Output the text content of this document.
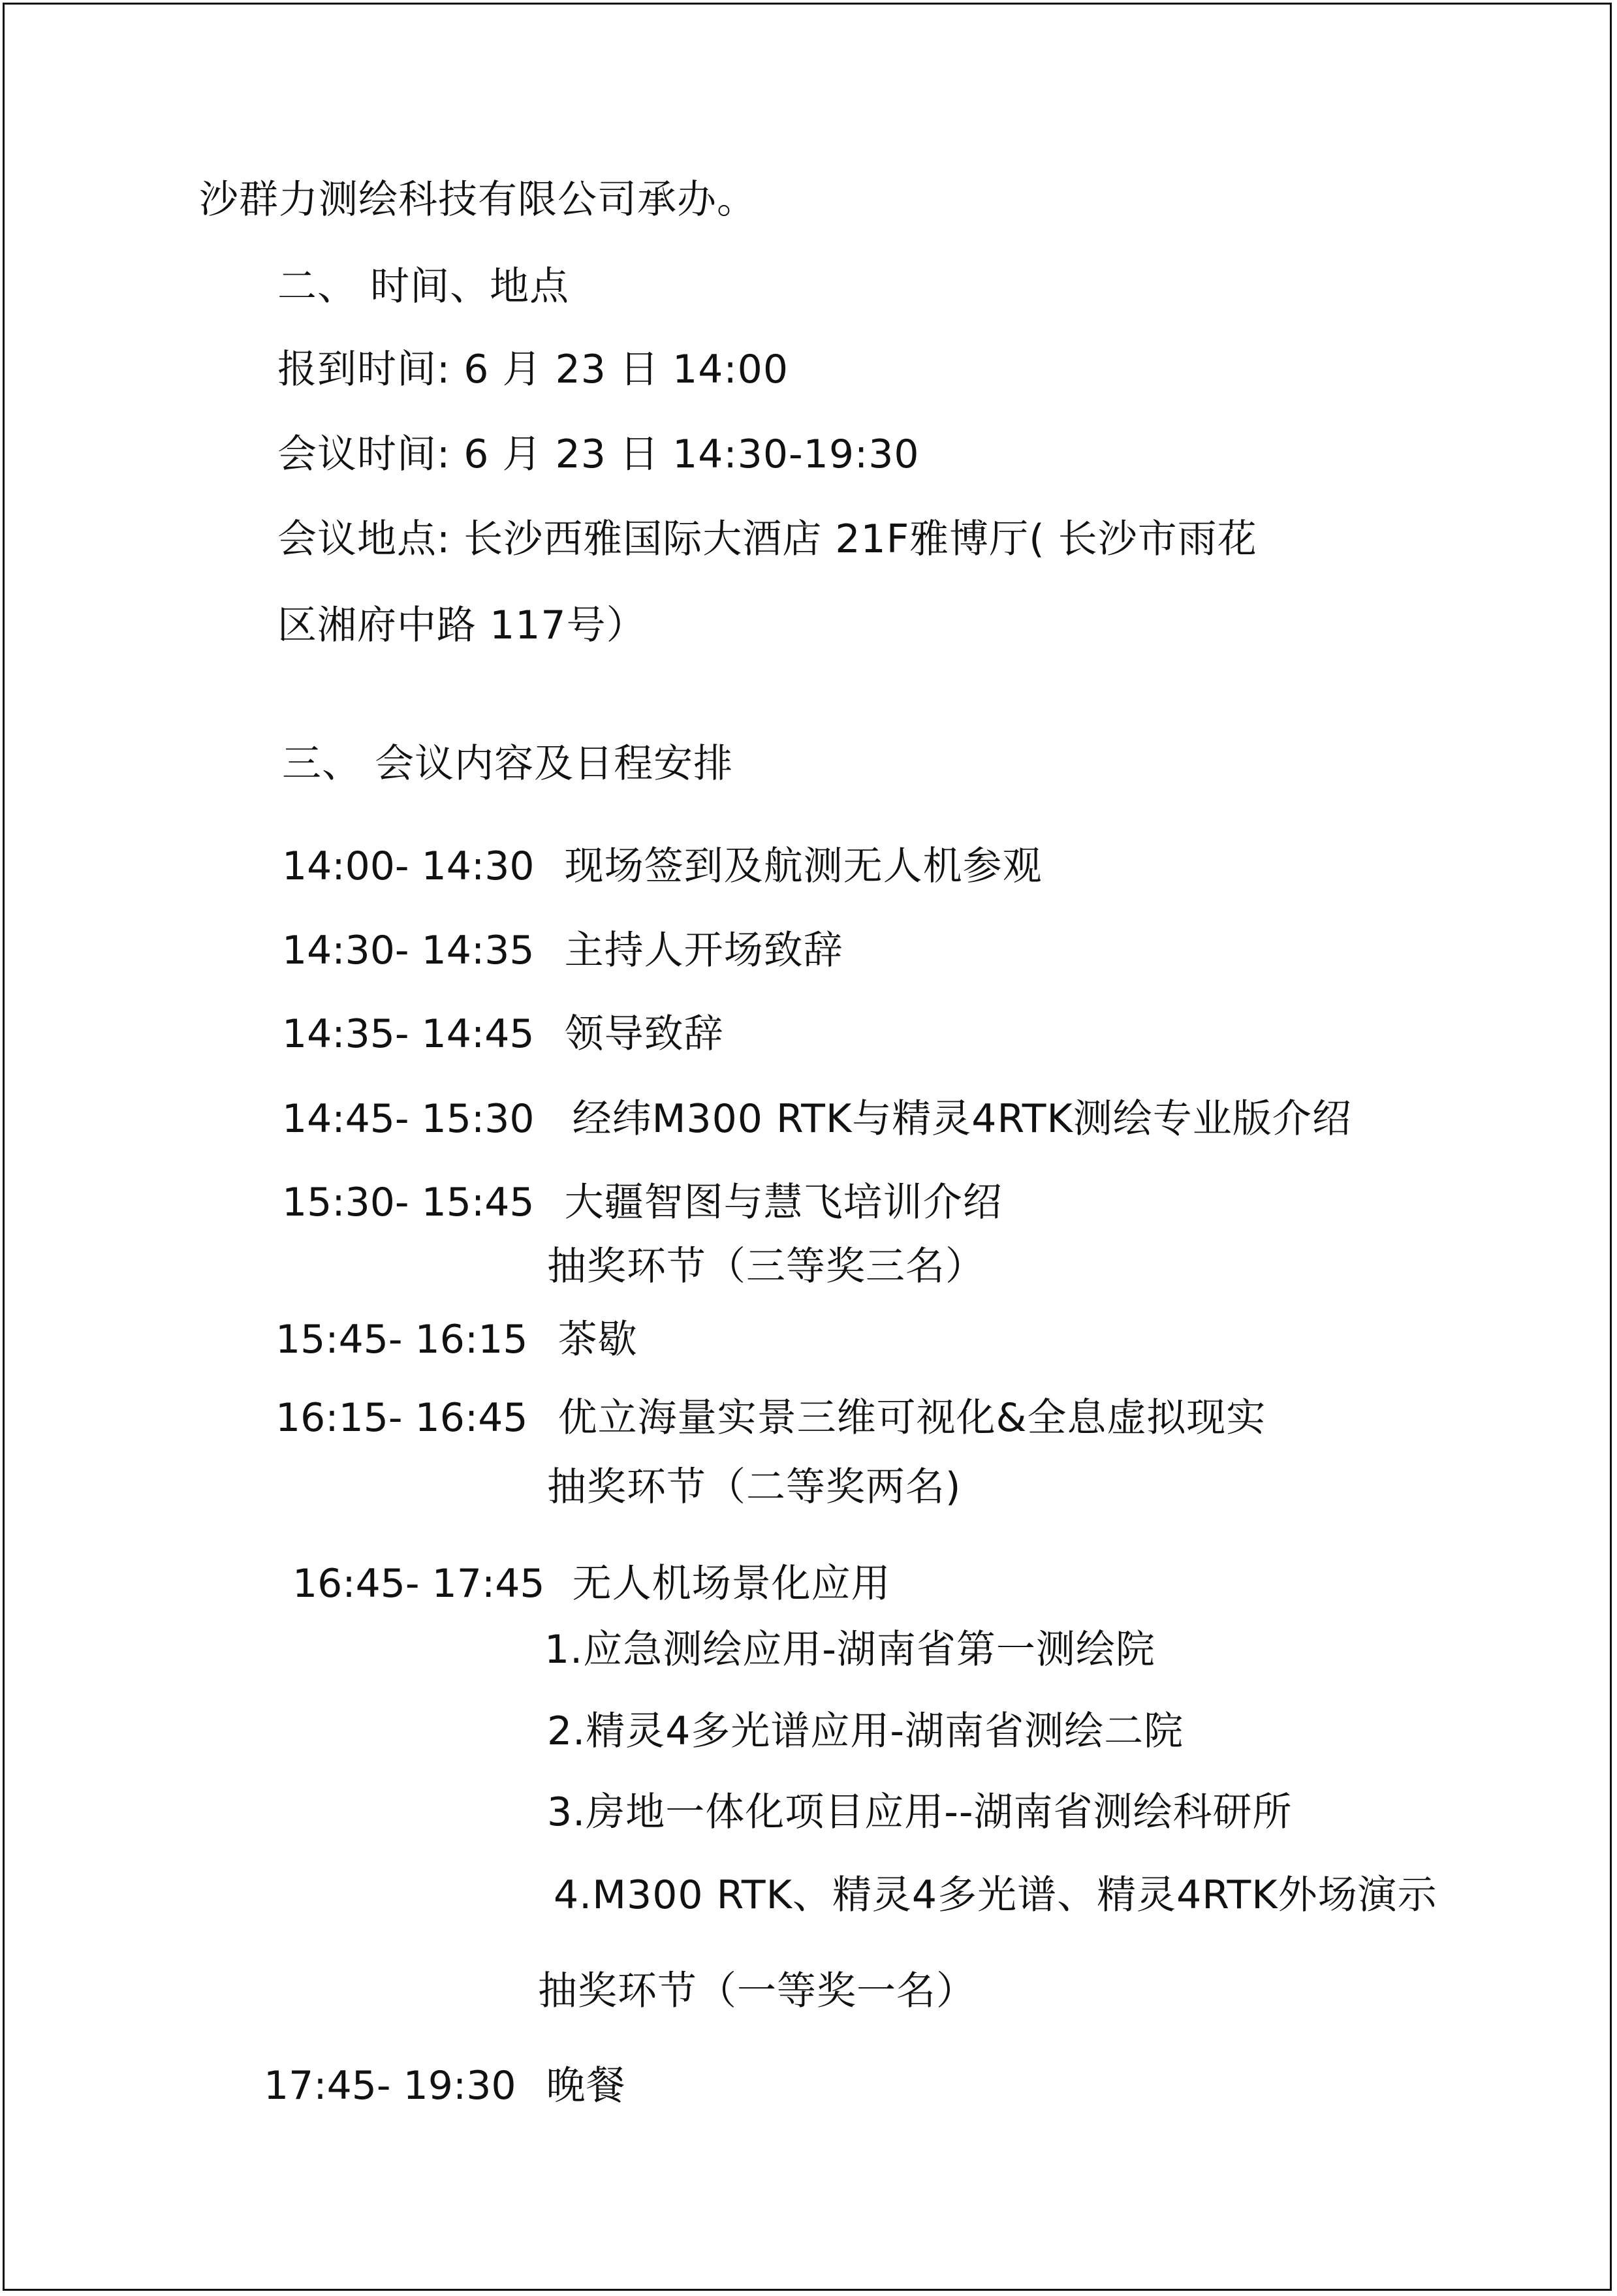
沙群力测绘科技有限公司承办。
二、 时间、地点
报到时间: 6 月 23 日 14:00
会议时间: 6 月 23 日 14:30-19:30
会议地点: 长沙西雅国际大酒店 21F雅博厅( 长沙市雨花
区湘府中路 117号）
三、 会议内容及日程安排
14:00- 14:30 现场签到及航测无人机参观
14:30- 14:35 主持人开场致辞
14:35- 14:45 领导致辞
14:45- 15:30 经纬M300 RTK与精灵4RTK测绘专业版介绍
15:30- 15:45 大疆智图与慧飞培训介绍
抽奖环节（三等奖三名）
15:45- 16:15 茶歇
16:15- 16:45 优立海量实景三维可视化&全息虚拟现实
抽奖环节（二等奖两名)
16:45- 17:45 无人机场景化应用
1.应急测绘应用-湖南省第一测绘院
2.精灵4多光谱应用-湖南省测绘二院
3.房地一体化项目应用--湖南省测绘科研所
4.M300 RTK、精灵4多光谱、精灵4RTK外场演示
抽奖环节（一等奖一名）
17:45- 19:30 晚餐
